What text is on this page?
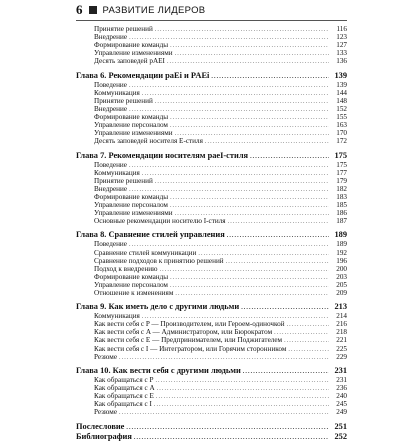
6 РАЗВИТИЕ ЛИДЕРОВ
Принятие решений .....	116
Внедрение .....	123
Формирование команды .....	127
Управление изменениями .....	133
Десять заповедей рАЕI .....	136
Глава 6. Рекомендации paEi и PAEi .....	139
Поведение .....	139
Коммуникация .....	144
Принятие решений .....	148
Внедрение .....	152
Формирование команды .....	155
Управление персоналом .....	163
Управление изменениями .....	170
Десять заповедей носителя E-стиля .....	172
Глава 7. Рекомендации носителям paeI-стиля .....	175
Поведение .....	175
Коммуникация .....	177
Принятие решений .....	179
Внедрение .....	182
Формирование команды .....	183
Управление персоналом .....	185
Управление изменениями .....	186
Основные рекомендации носителю I-стиля .....	187
Глава 8. Сравнение стилей управления .....	189
Поведение .....	189
Сравнение стилей коммуникации .....	192
Сравнение подходов к принятию решений .....	196
Подход к внедрению .....	200
Формирование команды .....	203
Управление персоналом .....	205
Отношение к изменениям .....	209
Глава 9. Как иметь дело с другими людьми .....	213
Коммуникация .....	214
Как вести себя с P — Производителем, или Героем-одиночкой .....	216
Как вести себя с A — Администратором, или Бюрократом .....	218
Как вести себя с E — Предпринимателем, или Поджигателем .....	221
Как вести себя с I — Интегратором, или Горячим сторонником .....	225
Резюме .....	229
Глава 10. Как вести себя с другими людьми .....	231
Как обращаться с P .....	231
Как обращаться с A .....	236
Как обращаться с E .....	240
Как обращаться с I .....	245
Резюме .....	249
Послесловие .....	251
Библиография .....	252
